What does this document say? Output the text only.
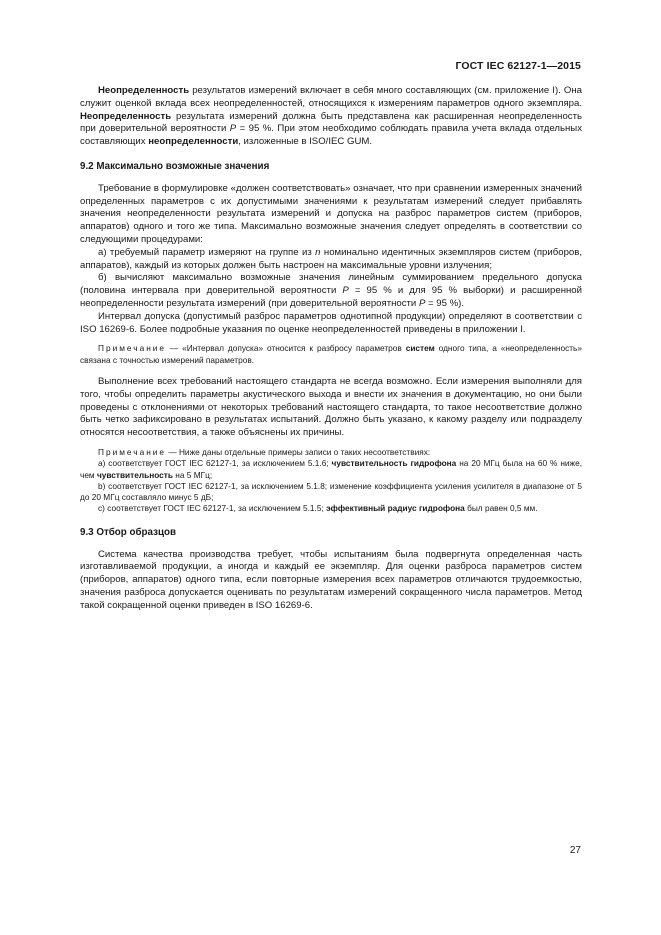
ГОСТ IEC 62127-1—2015

Неопределенность результатов измерений включает в себя много составляющих (см. приложение I). Она служит оценкой вклада всех неопределенностей, относящихся к измерениям параметров одного экземпляра. Неопределенность результата измерений должна быть представлена как расширенная неопределенность при доверительной вероятности P = 95 %. При этом необходимо соблюдать правила учета вклада отдельных составляющих неопределенности, изложенные в ISO/IEC GUM.

9.2 Максимально возможные значения

Требование в формулировке «должен соответствовать» означает, что при сравнении измеренных значений определенных параметров с их допустимыми значениями к результатам измерений следует прибавлять значения неопределенности результата измерений и допуска на разброс параметров систем (приборов, аппаратов) одного и того же типа. Максимально возможные значения следует определять в соответствии со следующими процедурами:

а) требуемый параметр измеряют на группе из n номинально идентичных экземпляров систем (приборов, аппаратов), каждый из которых должен быть настроен на максимальные уровни излучения;

б) вычисляют максимально возможные значения линейным суммированием предельного допуска (половина интервала при доверительной вероятности P = 95 % и для 95 % выборки) и расширенной неопределенности результата измерений (при доверительной вероятности P = 95 %).

Интервал допуска (допустимый разброс параметров однотипной продукции) определяют в соответствии с ISO 16269-6. Более подробные указания по оценке неопределенностей приведены в приложении I.

Примечание — «Интервал допуска» относится к разбросу параметров систем одного типа, а «неопределенность» связана с точностью измерений параметров.

Выполнение всех требований настоящего стандарта не всегда возможно. Если измерения выполняли для того, чтобы определить параметры акустического выхода и внести их значения в документацию, но они были проведены с отклонениями от некоторых требований настоящего стандарта, то такое несоответствие должно быть четко зафиксировано в результатах испытаний. Должно быть указано, к какому разделу или подразделу относятся несоответствия, а также объяснены их причины.

Примечание — Ниже даны отдельные примеры записи о таких несоответствиях:

а) соответствует ГОСТ IEC 62127-1, за исключением 5.1.6; чувствительность гидрофона на 20 МГц была на 60 % ниже, чем чувствительность на 5 МГц;

b) соответствует ГОСТ IEC 62127-1, за исключением 5.1.8; изменение коэффициента усиления усилителя в диапазоне от 5 до 20 МГц составляло минус 5 дБ;

с) соответствует ГОСТ IEC 62127-1, за исключением 5.1.5; эффективный радиус гидрофона был равен 0,5 мм.

9.3 Отбор образцов

Система качества производства требует, чтобы испытаниям была подвергнута определенная часть изготавливаемой продукции, а иногда и каждый ее экземпляр. Для оценки разброса параметров систем (приборов, аппаратов) одного типа, если повторные измерения всех параметров отличаются трудоемкостью, значения разброса допускается оценивать по результатам измерений сокращенного числа параметров. Метод такой сокращенной оценки приведен в ISO 16269-6.

27
